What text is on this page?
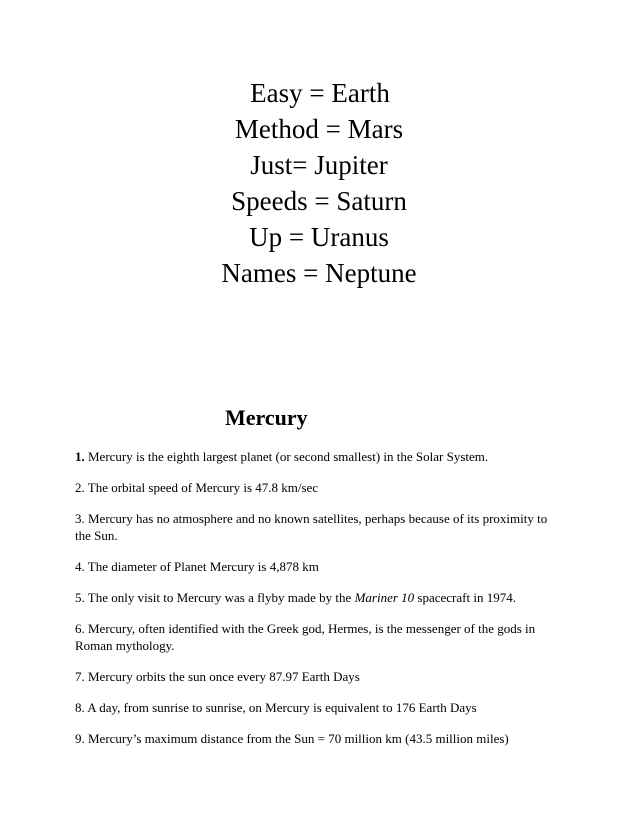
Easy = Earth
Method = Mars
Just= Jupiter
Speeds = Saturn
Up = Uranus
Names = Neptune
Mercury

1. Mercury is the eighth largest planet (or second smallest) in the Solar System.

2. The orbital speed of Mercury is 47.8 km/sec

3. Mercury has no atmosphere and no known satellites, perhaps because of its proximity to the Sun.

4. The diameter of Planet Mercury is 4,878 km

5. The only visit to Mercury was a flyby made by the Mariner 10 spacecraft in 1974.

6. Mercury, often identified with the Greek god, Hermes, is the messenger of the gods in Roman mythology.

7. Mercury orbits the sun once every 87.97 Earth Days

8. A day, from sunrise to sunrise, on Mercury is equivalent to 176 Earth Days

9. Mercury’s maximum distance from the Sun = 70 million km (43.5 million miles)
